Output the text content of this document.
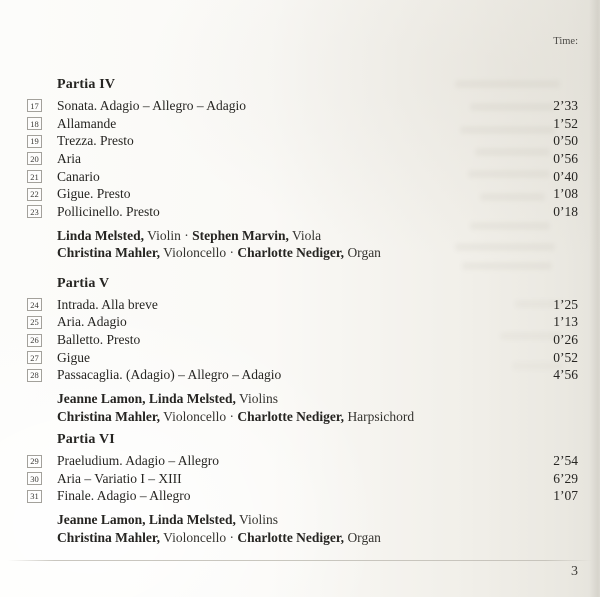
Time:
Partia IV
17 Sonata. Adagio – Allegro – Adagio	2’33
18 Allamande	1’52
19 Trezza. Presto	0’50
20 Aria	0’56
21 Canario	0’40
22 Gigue. Presto	1’08
23 Pollicinello. Presto	0’18
Linda Melsted, Violin · Stephen Marvin, Viola
Christina Mahler, Violoncello · Charlotte Nediger, Organ
Partia V
24 Intrada. Alla breve	1’25
25 Aria. Adagio	1’13
26 Balletto. Presto	0’26
27 Gigue	0’52
28 Passacaglia. (Adagio) – Allegro – Adagio	4’56
Jeanne Lamon, Linda Melsted, Violins
Christina Mahler, Violoncello · Charlotte Nediger, Harpsichord
Partia VI
29 Praeludium. Adagio – Allegro	2’54
30 Aria – Variatio I – XIII	6’29
31 Finale. Adagio – Allegro	1’07
Jeanne Lamon, Linda Melsted, Violins
Christina Mahler, Violoncello · Charlotte Nediger, Organ
3
